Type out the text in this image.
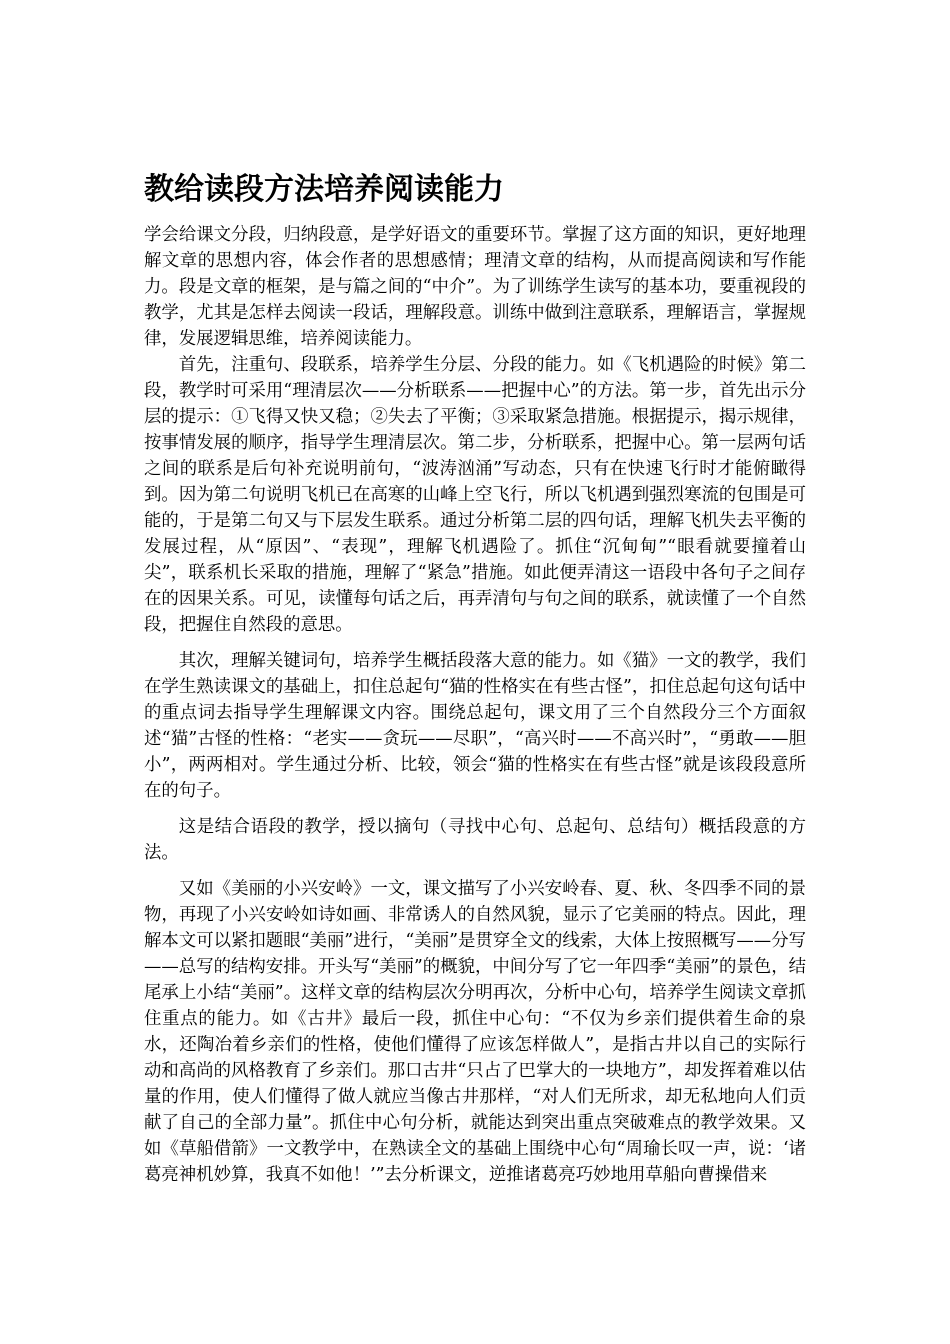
教给读段方法培养阅读能力

学会给课文分段，归纳段意，是学好语文的重要环节。掌握了这方面的知识，更好地理解文章的思想内容，体会作者的思想感情；理清文章的结构，从而提高阅读和写作能力。段是文章的框架，是与篇之间的“中介”。为了训练学生读写的基本功，要重视段的教学，尤其是怎样去阅读一段话，理解段意。训练中做到注意联系，理解语言，掌握规律，发展逻辑思维，培养阅读能力。

首先，注重句、段联系，培养学生分层、分段的能力。如《飞机遇险的时候》第二段，教学时可采用“理清层次——分析联系——把握中心”的方法。第一步，首先出示分层的提示：①飞得又快又稳；②失去了平衡；③采取紧急措施。根据提示，揭示规律，按事情发展的顺序，指导学生理清层次。第二步，分析联系，把握中心。第一层两句话之间的联系是后句补充说明前句，“波涛汹涌”写动态，只有在快速飞行时才能俯瞰得到。因为第二句说明飞机已在高寒的山峰上空飞行，所以飞机遇到强烈寒流的包围是可能的，于是第二句又与下层发生联系。通过分析第二层的四句话，理解飞机失去平衡的发展过程，从“原因”、“表现”，理解飞机遇险了。抓住“沉甸甸”“眼看就要撞着山尖”，联系机长采取的措施，理解了“紧急”措施。如此便弄清这一语段中各句子之间存在的因果关系。可见，读懂每句话之后，再弄清句与句之间的联系，就读懂了一个自然段，把握住自然段的意思。

其次，理解关键词句，培养学生概括段落大意的能力。如《猫》一文的教学，我们在学生熟读课文的基础上，扣住总起句“猫的性格实在有些古怪”，扣住总起句这句话中的重点词去指导学生理解课文内容。围绕总起句，课文用了三个自然段分三个方面叙述“猫”古怪的性格：“老实——贪玩——尽职”，“高兴时——不高兴时”，“勇敢——胆小”，两两相对。学生通过分析、比较，领会“猫的性格实在有些古怪”就是该段段意所在的句子。

这是结合语段的教学，授以摘句（寻找中心句、总起句、总结句）概括段意的方法。

又如《美丽的小兴安岭》一文，课文描写了小兴安岭春、夏、秋、冬四季不同的景物，再现了小兴安岭如诗如画、非常诱人的自然风貌，显示了它美丽的特点。因此，理解本文可以紧扣题眼“美丽”进行，“美丽”是贯穿全文的线索，大体上按照概写——分写——总写的结构安排。开头写“美丽”的概貌，中间分写了它一年四季“美丽”的景色，结尾承上小结“美丽”。这样文章的结构层次分明再次，分析中心句，培养学生阅读文章抓住重点的能力。如《古井》最后一段，抓住中心句：“不仅为乡亲们提供着生命的泉水，还陶冶着乡亲们的性格，使他们懂得了应该怎样做人”，是指古井以自己的实际行动和高尚的风格教育了乡亲们。那口古井“只占了巴掌大的一块地方”，却发挥着难以估量的作用，使人们懂得了做人就应当像古井那样，“对人们无所求，却无私地向人们贡献了自己的全部力量”。抓住中心句分析，就能达到突出重点突破难点的教学效果。又如《草船借箭》一文教学中，在熟读全文的基础上围绕中心句“周瑜长叹一声，说：‘诸葛亮神机妙算，我真不如他！’”去分析课文，逆推诸葛亮巧妙地用草船向曹操借来
